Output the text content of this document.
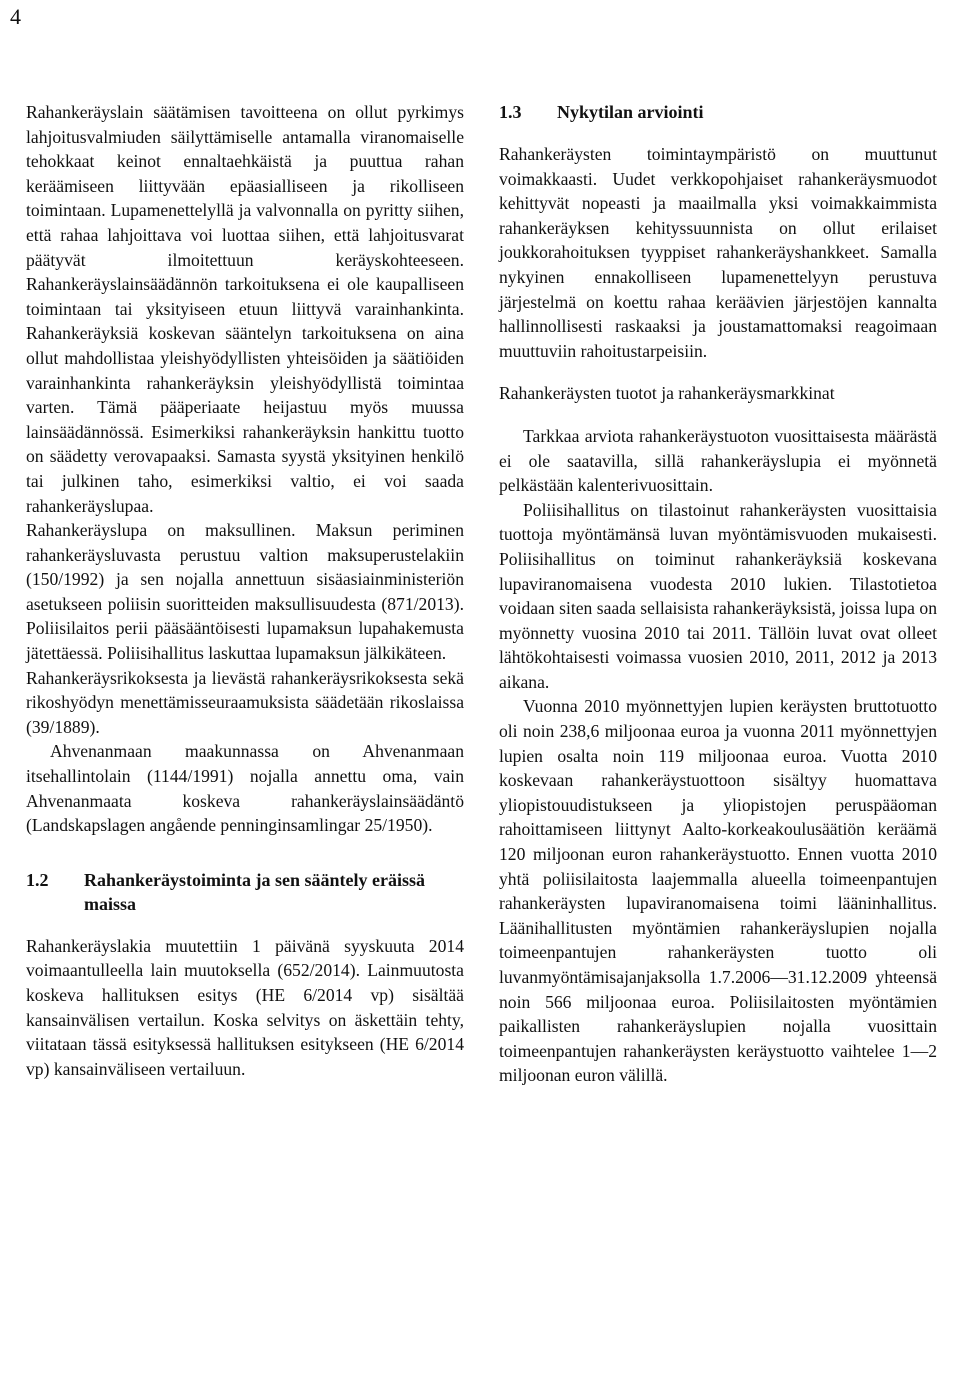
4

Rahankeräyslain säätämisen tavoitteena on ollut pyrkimys lahjoitusvalmiuden säilyttämiselle antamalla viranomaiselle tehokkaat keinot ennaltaehkäistä ja puuttua rahan keräämiseen liittyvään epäasialliseen ja rikolliseen toimintaan. Lupamenettelyllä ja valvonnalla on pyritty siihen, että rahaa lahjoittava voi luottaa siihen, että lahjoitusvarat päätyvät ilmoitettuun keräyskohteeseen. Rahankeräyslainsäädännön tarkoituksena ei ole kaupalliseen toimintaan tai yksityiseen etuun liittyvä varainhankinta. Rahankeräyksiä koskevan sääntelyn tarkoituksena on aina ollut mahdollistaa yleishyödyllisten yhteisöiden ja säätiöiden varainhankinta rahankeräyksin yleishyödyllistä toimintaa varten. Tämä pääperiaate heijastuu myös muussa lainsäädännössä. Esimerkiksi rahankeräyksin hankittu tuotto on säädetty verovapaaksi. Samasta syystä yksityinen henkilö tai julkinen taho, esimerkiksi valtio, ei voi saada rahankeräyslupaa.

Rahankeräyslupa on maksullinen. Maksun periminen rahankeräysluvasta perustuu valtion maksuperustelakiin (150/1992) ja sen nojalla annettuun sisäasiainministeriön asetukseen poliisin suoritteiden maksullisuudesta (871/2013). Poliisilaitos perii pääsääntöisesti lupamaksun lupahakemusta jätettäessä. Poliisihallitus laskuttaa lupamaksun jälkikäteen.

Rahankeräysrikoksesta ja lievästä rahankeräysrikoksesta sekä rikoshyödyn menettämisseuraamuksista säädetään rikoslaissa (39/1889).

Ahvenanmaan maakunnassa on Ahvenanmaan itsehallintolain (1144/1991) nojalla annettu oma, vain Ahvenanmaata koskeva rahankeräyslainsäädäntö (Landskapslagen angående penninginsamlingar 25/1950).

1.2	Rahankeräystoiminta ja sen sääntely eräissä maissa

Rahankeräyslakia muutettiin 1 päivänä syyskuuta 2014 voimaantulleella lain muutoksella (652/2014). Lainmuutosta koskeva hallituksen esitys (HE 6/2014 vp) sisältää kansainvälisen vertailun. Koska selvitys on äskettäin tehty, viitataan tässä esityksessä hallituksen esitykseen (HE 6/2014 vp) kansainväliseen vertailuun.

1.3	Nykytilan arviointi

Rahankeräysten toimintaympäristö on muuttunut voimakkaasti. Uudet verkkopohjaiset rahankeräysmuodot kehittyvät nopeasti ja maailmalla yksi voimakkaimmista rahankeräyksen kehityssuunnista on ollut erilaiset joukkorahoituksen tyyppiset rahankeräyshankkeet. Samalla nykyinen ennakolliseen lupamenettelyyn perustuva järjestelmä on koettu rahaa keräävien järjestöjen kannalta hallinnollisesti raskaaksi ja joustamattomaksi reagoimaan muuttuviin rahoitustarpeisiin.

Rahankeräysten tuotot ja rahankeräysmarkkinat

Tarkkaa arviota rahankeräystuoton vuosittaisesta määrästä ei ole saatavilla, sillä rahankeräyslupia ei myönnetä pelkästään kalenterivuosittain.

Poliisihallitus on tilastoinut rahankeräysten vuosittaisia tuottoja myöntämänsä luvan myöntämisvuoden mukaisesti. Poliisihallitus on toiminut rahankeräyksiä koskevana lupaviranomaisena vuodesta 2010 lukien. Tilastotietoa voidaan siten saada sellaisista rahankeräyksistä, joissa lupa on myönnetty vuosina 2010 tai 2011. Tällöin luvat ovat olleet lähtökohtaisesti voimassa vuosien 2010, 2011, 2012 ja 2013 aikana.

Vuonna 2010 myönnettyjen lupien keräysten bruttotuotto oli noin 238,6 miljoonaa euroa ja vuonna 2011 myönnettyjen lupien osalta noin 119 miljoonaa euroa. Vuotta 2010 koskevaan rahankeräystuottoon sisältyy huomattava yliopistouudistukseen ja yliopistojen peruspääoman rahoittamiseen liittynyt Aalto-korkeakoulusäätiön keräämä 120 miljoonan euron rahankeräystuotto. Ennen vuotta 2010 yhtä poliisilaitosta laajemmalla alueella toimeenpantujen rahankeräysten lupaviranomaisena toimi lääninhallitus. Läänihallitusten myöntämien rahankeräyslupien nojalla toimeenpantujen rahankeräysten tuotto oli luvanmyöntämisajanjaksolla 1.7.2006—31.12.2009 yhteensä noin 566 miljoonaa euroa. Poliisilaitosten myöntämien paikallisten rahankeräyslupien nojalla vuosittain toimeenpantujen rahankeräysten keräystuotto vaihtelee 1—2 miljoonan euron välillä.
